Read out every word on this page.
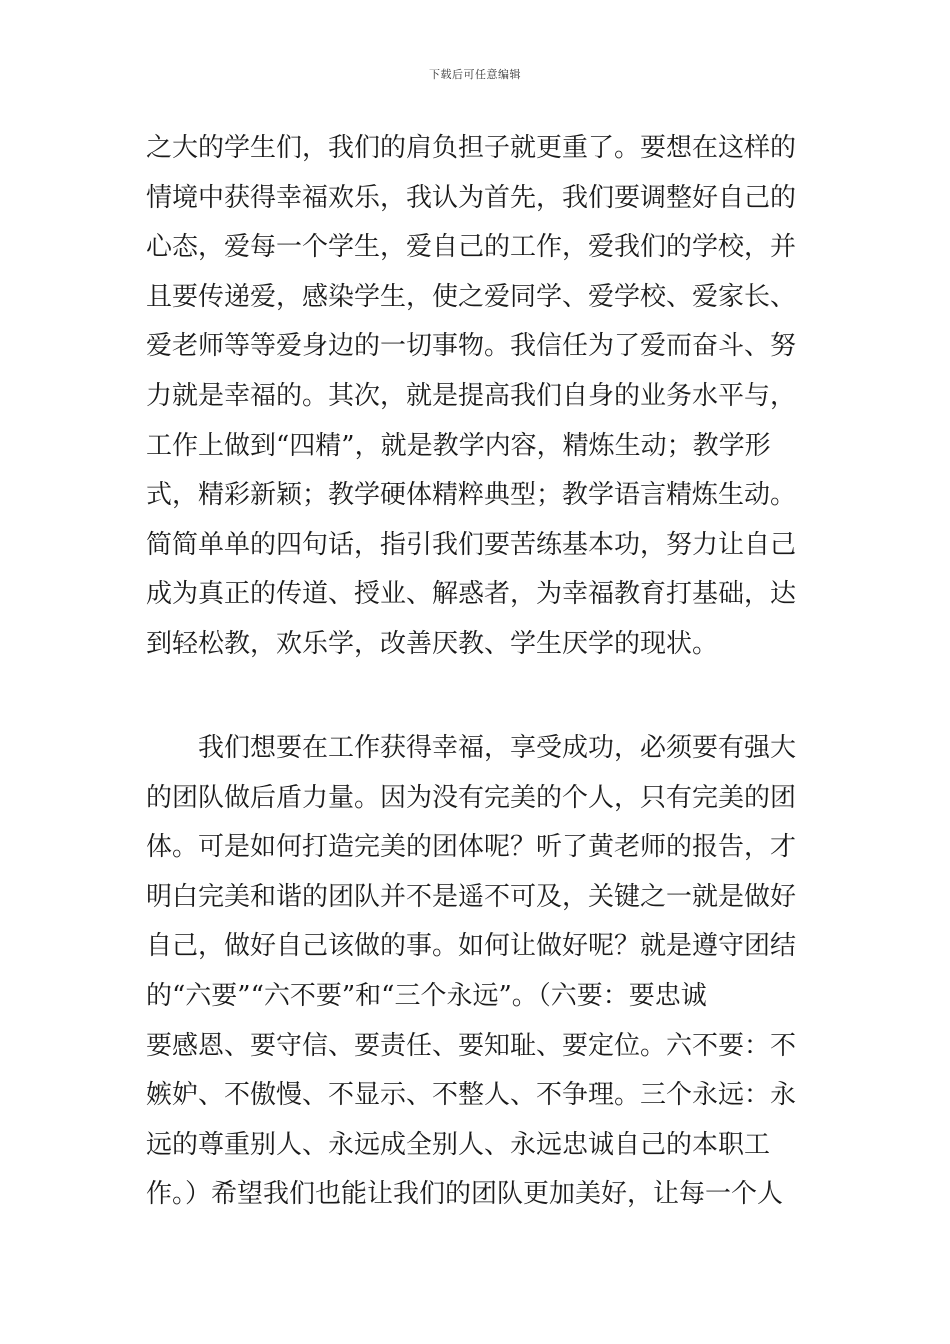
下载后可任意编辑
之大的学生们，我们的肩负担子就更重了。要想在这样的
情境中获得幸福欢乐，我认为首先，我们要调整好自己的
心态，爱每一个学生，爱自己的工作，爱我们的学校，并
且要传递爱，感染学生，使之爱同学、爱学校、爱家长、
爱老师等等爱身边的一切事物。我信任为了爱而奋斗、努
力就是幸福的。其次，就是提高我们自身的业务水平与，
工作上做到“四精”，就是教学内容，精炼生动；教学形
式，精彩新颖；教学硬体精粹典型；教学语言精炼生动。
简简单单的四句话，指引我们要苦练基本功，努力让自己
成为真正的传道、授业、解惑者，为幸福教育打基础，达
到轻松教，欢乐学，改善厌教、学生厌学的现状。
我们想要在工作获得幸福，享受成功，必须要有强大
的团队做后盾力量。因为没有完美的个人，只有完美的团
体。可是如何打造完美的团体呢？听了黄老师的报告，才
明白完美和谐的团队并不是遥不可及，关键之一就是做好
自己，做好自己该做的事。如何让做好呢？就是遵守团结
的“六要”“六不要”和“三个永远”。（六要：要忠诚
要感恩、要守信、要责任、要知耻、要定位。六不要：不
嫉妒、不傲慢、不显示、不整人、不争理。三个永远：永
远的尊重别人、永远成全别人、永远忠诚自己的本职工
作。）希望我们也能让我们的团队更加美好，让每一个人
